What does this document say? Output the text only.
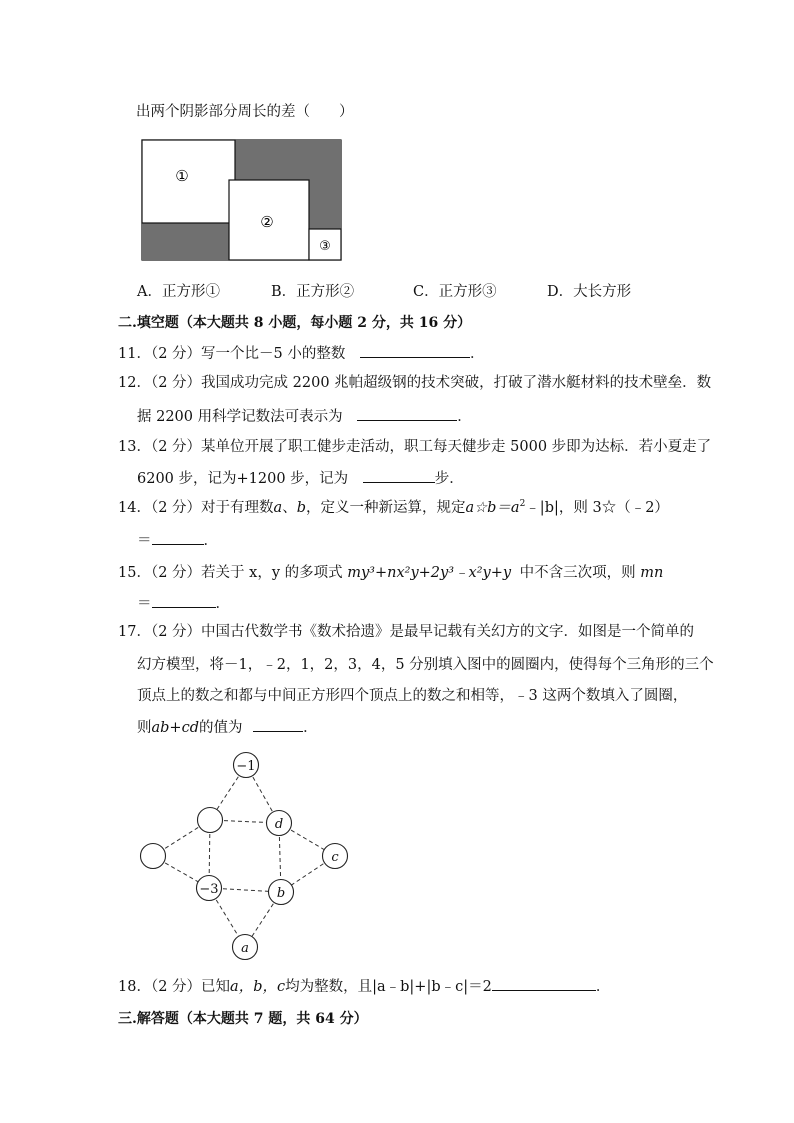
出两个阴影部分周长的差（　　）
①
②
③
A．正方形①	B．正方形②	C．正方形③	D．大长方形
二.填空题（本大题共 8 小题，每小题 2 分，共 16 分）
11．（2 分）写一个比－5 小的整数	．
12．（2 分）我国成功完成 2200 兆帕超级钢的技术突破，打破了潜水艇材料的技术壁垒．数
据 2200 用科学记数法可表示为	．
13．（2 分）某单位开展了职工健步走活动，职工每天健步走 5000 步即为达标．若小夏走了
6200 步，记为+1200 步，记为	步．
14．（2 分）对于有理数a、b，定义一种新运算，规定$a☆b=a^2﹣|b|$，则 3☆（﹣2）
＝	．
15．（2 分）若关于 x，y 的多项式 my³+nx²y+2y³﹣x²y+y 中不含三次项，则 mn
＝	．
17．（2 分）中国古代数学书《数术拾遗》是最早记载有关幻方的文字．如图是一个简单的
幻方模型，将－1，﹣2，1，2，3，4，5 分别填入图中的圆圈内，使得每个三角形的三个
顶点上的数之和都与中间正方形四个顶点上的数之和相等，﹣3 这两个数填入了圆圈，
则ab+cd的值为	．
−1
d
c
−3	b
a
18．（2 分）已知a，b，c均为整数，且|a﹣b|+|b﹣c|＝2	．
三.解答题（本大题共 7 题，共 64 分）
